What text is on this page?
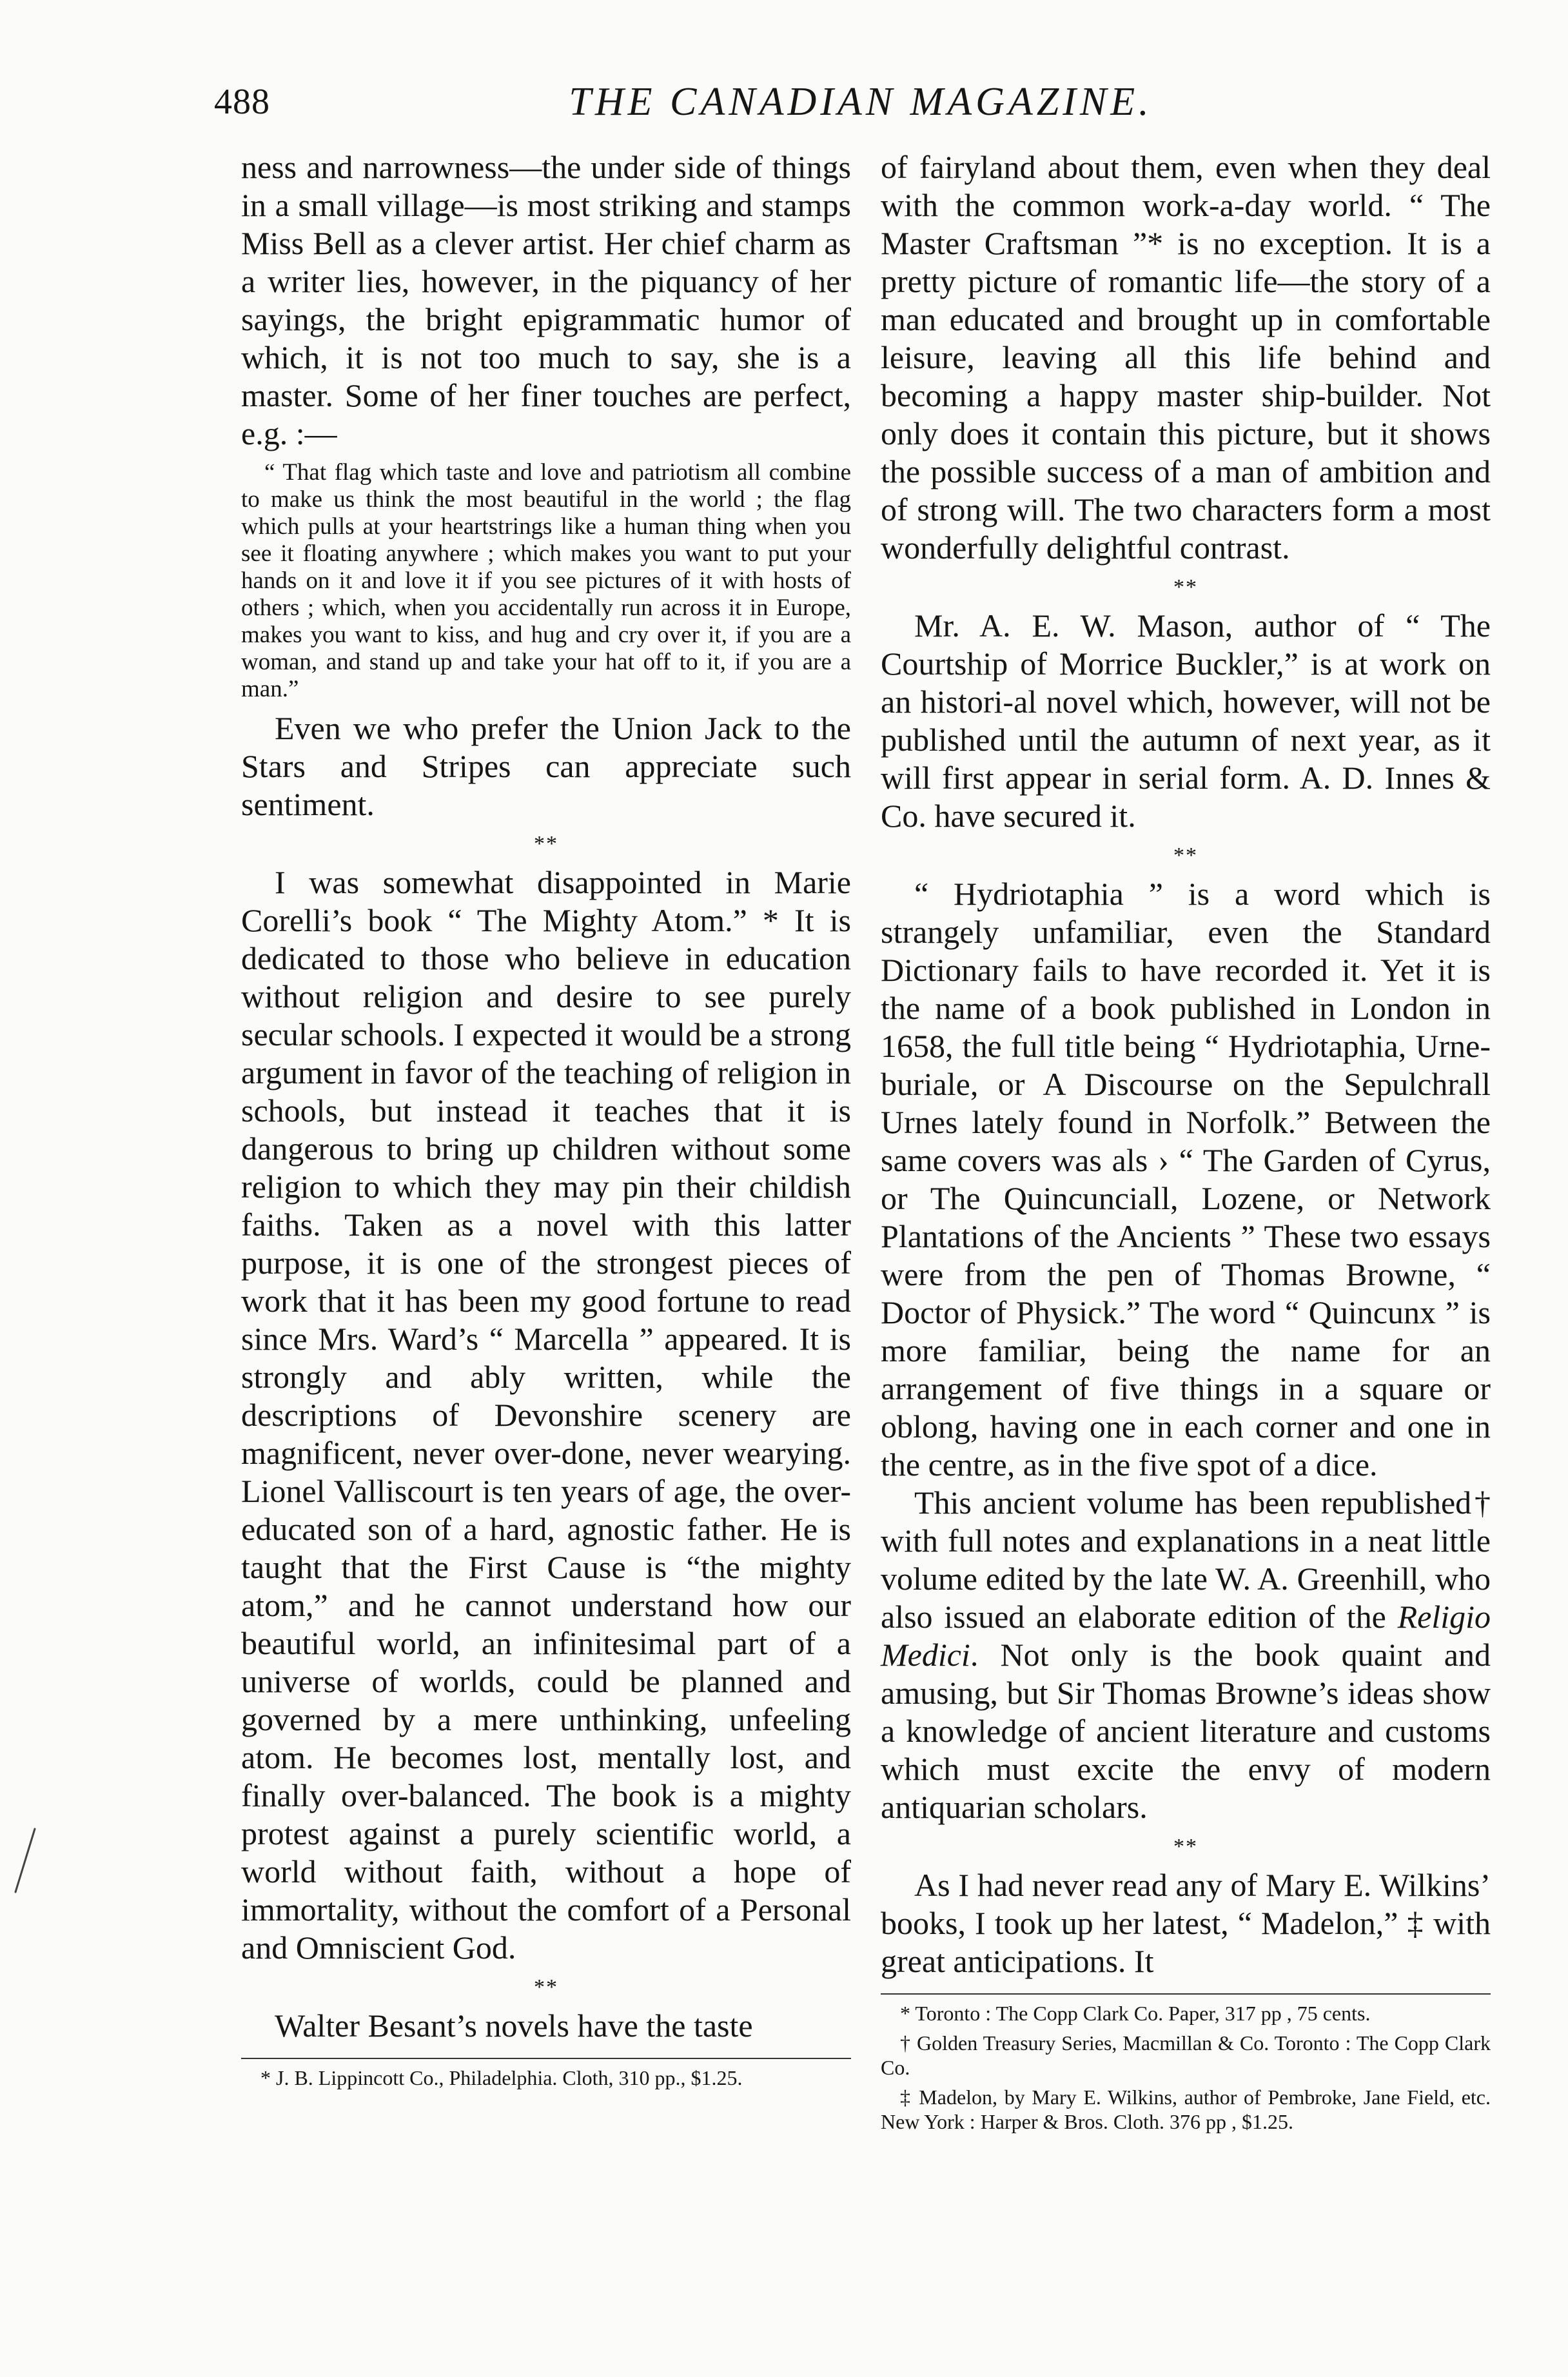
488	THE CANADIAN MAGAZINE.

ness and narrowness—the under side of things in a small village—is most striking and stamps Miss Bell as a clever artist. Her chief charm as a writer lies, however, in the piquancy of her sayings, the bright epigrammatic humor of which, it is not too much to say, she is a master. Some of her finer touches are perfect, e.g. :—

“ That flag which taste and love and patriotism all combine to make us think the most beautiful in the world ; the flag which pulls at your heartstrings like a human thing when you see it floating anywhere ; which makes you want to put your hands on it and love it if you see pictures of it with hosts of others ; which, when you accidentally run across it in Europe, makes you want to kiss, and hug and cry over it, if you are a woman, and stand up and take your hat off to it, if you are a man.”

Even we who prefer the Union Jack to the Stars and Stripes can appreciate such sentiment.

**

I was somewhat disappointed in Marie Corelli’s book “ The Mighty Atom.” * It is dedicated to those who believe in education without religion and desire to see purely secular schools. I expected it would be a strong argument in favor of the teaching of religion in schools, but instead it teaches that it is dangerous to bring up children without some religion to which they may pin their childish faiths. Taken as a novel with this latter purpose, it is one of the strongest pieces of work that it has been my good fortune to read since Mrs. Ward’s “ Marcella ” appeared. It is strongly and ably written, while the descriptions of Devonshire scenery are magnificent, never over-done, never wearying. Lionel Valliscourt is ten years of age, the over-educated son of a hard, agnostic father. He is taught that the First Cause is “the mighty atom,” and he cannot understand how our beautiful world, an infinitesimal part of a universe of worlds, could be planned and governed by a mere unthinking, unfeeling atom. He becomes lost, mentally lost, and finally over-balanced. The book is a mighty protest against a purely scientific world, a world without faith, without a hope of immortality, without the comfort of a Personal and Omniscient God.

**

Walter Besant’s novels have the taste

* J. B. Lippincott Co., Philadelphia. Cloth, 310 pp., $1.25.

of fairyland about them, even when they deal with the common work-a-day world. “ The Master Craftsman ”* is no exception. It is a pretty picture of romantic life—the story of a man educated and brought up in comfortable leisure, leaving all this life behind and becoming a happy master ship-builder. Not only does it contain this picture, but it shows the possible success of a man of ambition and of strong will. The two characters form a most wonderfully delightful contrast.

**

Mr. A. E. W. Mason, author of “ The Courtship of Morrice Buckler,” is at work on an histori-al novel which, however, will not be published until the autumn of next year, as it will first appear in serial form. A. D. Innes & Co. have secured it.

**

“ Hydriotaphia ” is a word which is strangely unfamiliar, even the Standard Dictionary fails to have recorded it. Yet it is the name of a book published in London in 1658, the full title being “ Hydriotaphia, Urne-buriale, or A Discourse on the Sepulchrall Urnes lately found in Norfolk.” Between the same covers was als › “ The Garden of Cyrus, or The Quincunciall, Lozene, or Network Plantations of the Ancients ” These two essays were from the pen of Thomas Browne, “ Doctor of Physick.” The word “ Quincunx ” is more familiar, being the name for an arrangement of five things in a square or oblong, having one in each corner and one in the centre, as in the five spot of a dice.

This ancient volume has been republished† with full notes and explanations in a neat little volume edited by the late W. A. Greenhill, who also issued an elaborate edition of the Religio Medici. Not only is the book quaint and amusing, but Sir Thomas Browne’s ideas show a knowledge of ancient literature and customs which must excite the envy of modern antiquarian scholars.

**

As I had never read any of Mary E. Wilkins’ books, I took up her latest, “ Madelon,” ‡ with great anticipations. It

* Toronto : The Copp Clark Co. Paper, 317 pp , 75 cents.
† Golden Treasury Series, Macmillan & Co. Toronto : The Copp Clark Co.
‡ Madelon, by Mary E. Wilkins, author of Pembroke, Jane Field, etc. New York : Harper & Bros. Cloth. 376 pp , $1.25.
